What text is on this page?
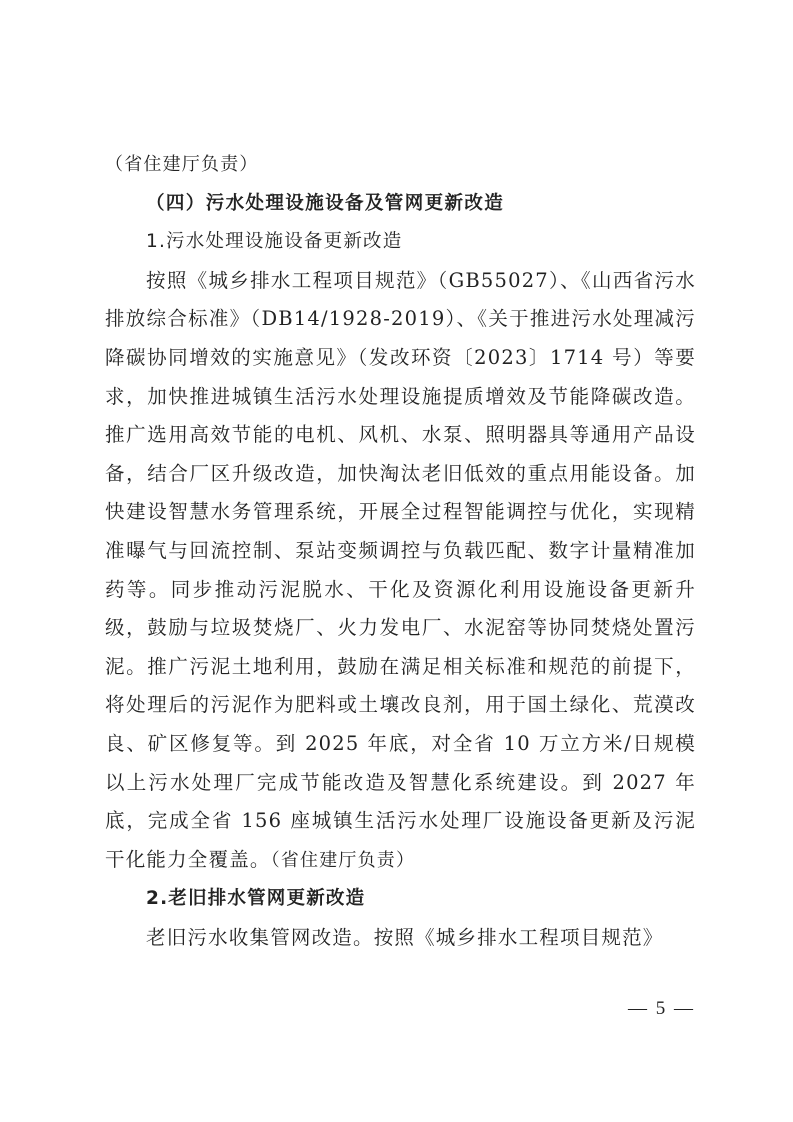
（省住建厅负责）

（四）污水处理设施设备及管网更新改造

1.污水处理设施设备更新改造

按照《城乡排水工程项目规范》（GB55027）、《山西省污水排放综合标准》（DB14/1928-2019）、《关于推进污水处理减污降碳协同增效的实施意见》（发改环资〔2023〕1714 号）等要求，加快推进城镇生活污水处理设施提质增效及节能降碳改造。推广选用高效节能的电机、风机、水泵、照明器具等通用产品设备，结合厂区升级改造，加快淘汰老旧低效的重点用能设备。加快建设智慧水务管理系统，开展全过程智能调控与优化，实现精准曝气与回流控制、泵站变频调控与负载匹配、数字计量精准加药等。同步推动污泥脱水、干化及资源化利用设施设备更新升级，鼓励与垃圾焚烧厂、火力发电厂、水泥窑等协同焚烧处置污泥。推广污泥土地利用，鼓励在满足相关标准和规范的前提下，将处理后的污泥作为肥料或土壤改良剂，用于国土绿化、荒漠改良、矿区修复等。到 2025 年底，对全省 10 万立方米/日规模以上污水处理厂完成节能改造及智慧化系统建设。到 2027 年底，完成全省 156 座城镇生活污水处理厂设施设备更新及污泥干化能力全覆盖。（省住建厅负责）

2.老旧排水管网更新改造

老旧污水收集管网改造。按照《城乡排水工程项目规范》

— 5 —
